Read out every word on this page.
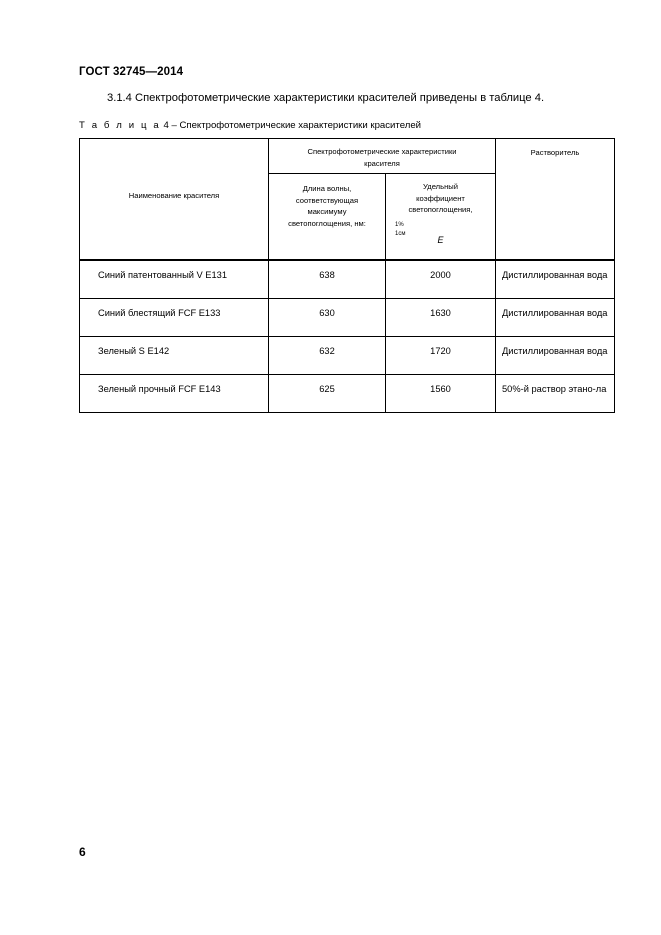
ГОСТ 32745—2014
3.1.4 Спектрофотометрические характеристики красителей приведены в таблице 4.
Т а б л и ц а 4 – Спектрофотометрические характеристики красителей
Наименование красителя	Спектрофотометрические характеристики красителя		Растворитель

	Длина волны, соответствующая максимуму светопоглощения, нм:	Удельный коэффициент светопоглощения,
E
1%
1см	

Синий патентованный V E131	638	2000	Дистиллированная вода
Синий блестящий FCF E133	630	1630	Дистиллированная вода
Зеленый S E142	632	1720	Дистиллированная вода
Зеленый прочный FCF E143	625	1560	50%-й раствор этано-ла
6
